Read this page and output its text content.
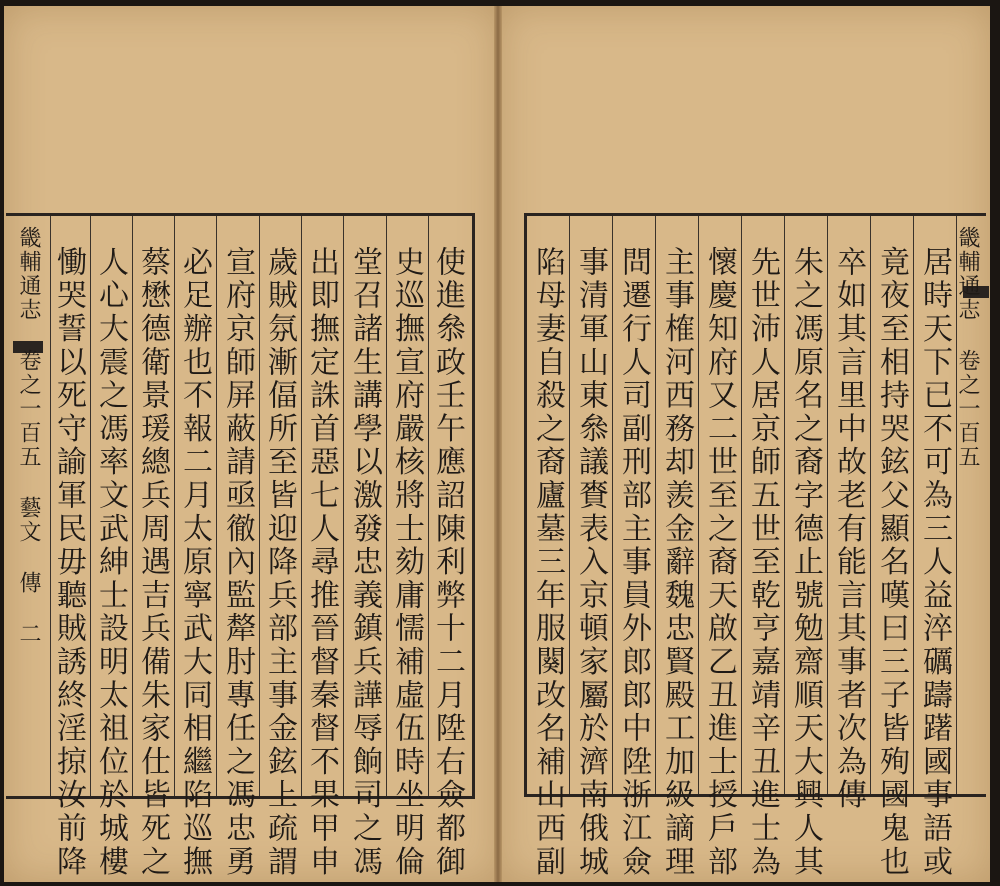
畿輔通志 卷之一百五 藝文 傳 二 慟哭誓以死守諭軍民毋聽賊誘終淫掠汝前降 人心大震之馮率文武紳士設明太祖位於城樓 蔡懋德衛景瑗總兵周遇吉兵備朱家仕皆死之 必足辦也不報二月太原寧武大同相繼陷巡撫 宣府京師屏蔽請亟徹內監犛肘專任之馮忠勇 歲賊氛漸偪所至皆迎降兵部主事金鉉上疏謂 出即撫定誅首惡七人尋推晉督秦督不果甲申 堂召諸生講學以激發忠義鎮兵譁辱餉司之馮 史巡撫宣府嚴核將士劾庸懦補虛伍時坐明倫 使進叅政壬午應詔陳利弊十二月陞右僉都御 陷母妻自殺之裔廬墓三年服闋改名補山西副 事清軍山東叅議賚表入京頓家屬於濟南俄城 問遷行人司副刑部主事員外郎郎中陞浙江僉 主事榷河西務却羨金辭魏忠賢殿工加級謫理 懷慶知府又二世至之裔天啟乙丑進士授戶部 先世沛人居京師五世至乾亨嘉靖辛丑進士為 朱之馮原名之裔字德止號勉齋順天大興人其 卒如其言里中故老有能言其事者次為傳 竟夜至相持哭鉉父顯名嘆曰三子皆殉國鬼也 居時天下已不可為三人益淬礪躊躇國事語或 畿輔通志 卷之一百五
